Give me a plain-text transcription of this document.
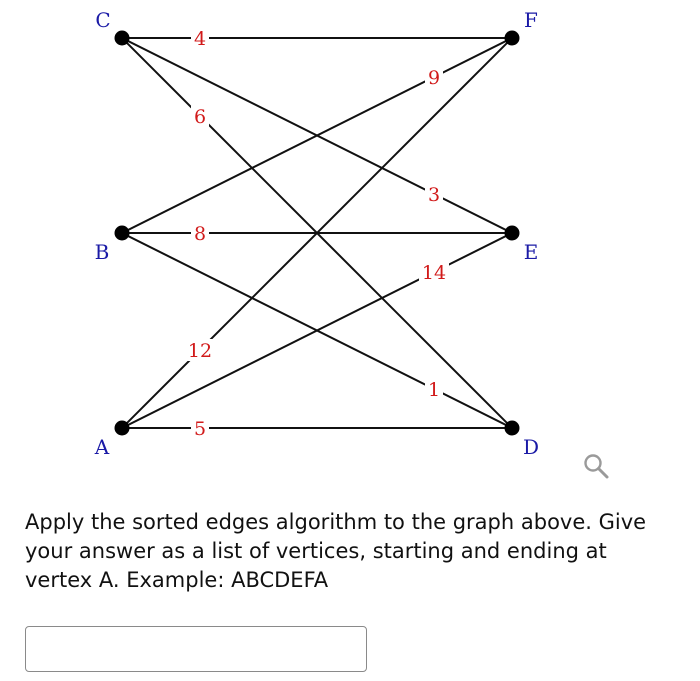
4
6
3
9
8
1
12
14
5
C	F
B	E
A	D

Apply the sorted edges algorithm to the graph above. Give your answer as a list of vertices, starting and ending at vertex A. Example: ABCDEFA
